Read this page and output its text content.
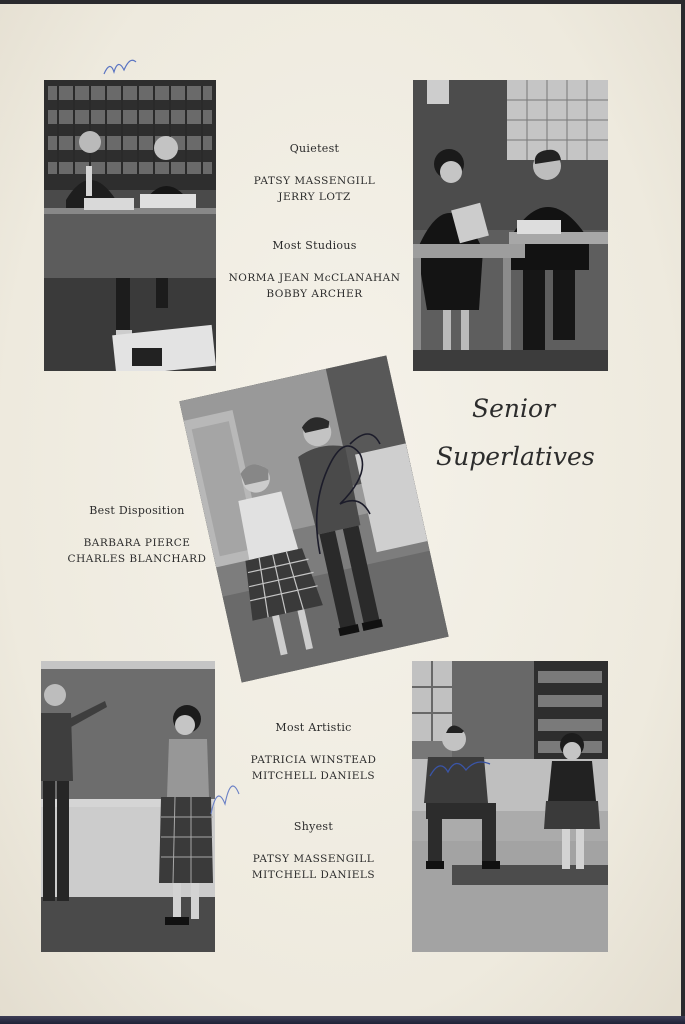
Quietest
PATSY MASSENGILL
JERRY LOTZ
Most Studious
NORMA JEAN McCLANAHAN
BOBBY ARCHER
Best Disposition
BARBARA PIERCE
CHARLES BLANCHARD
Most Artistic
PATRICIA WINSTEAD
MITCHELL DANIELS
Shyest
PATSY MASSENGILL
MITCHELL DANIELS
Senior
Superlatives
